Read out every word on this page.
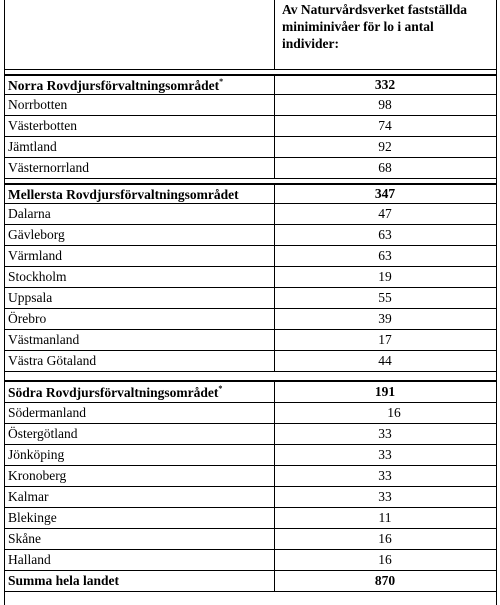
Av Naturvårdsverket fastställda
miniminivåer för lo i antal
individer:
Norra Rovdjursförvaltningsområdet*	332
Norrbotten	98
Västerbotten	74
Jämtland	92
Västernorrland	68
Mellersta Rovdjursförvaltningsområdet	347
Dalarna	47
Gävleborg	63
Värmland	63
Stockholm	19
Uppsala	55
Örebro	39
Västmanland	17
Västra Götaland	44
Södra Rovdjursförvaltningsområdet*	191
Södermanland	16
Östergötland	33
Jönköping	33
Kronoberg	33
Kalmar	33
Blekinge	11
Skåne	16
Halland	16
Summa hela landet	870
